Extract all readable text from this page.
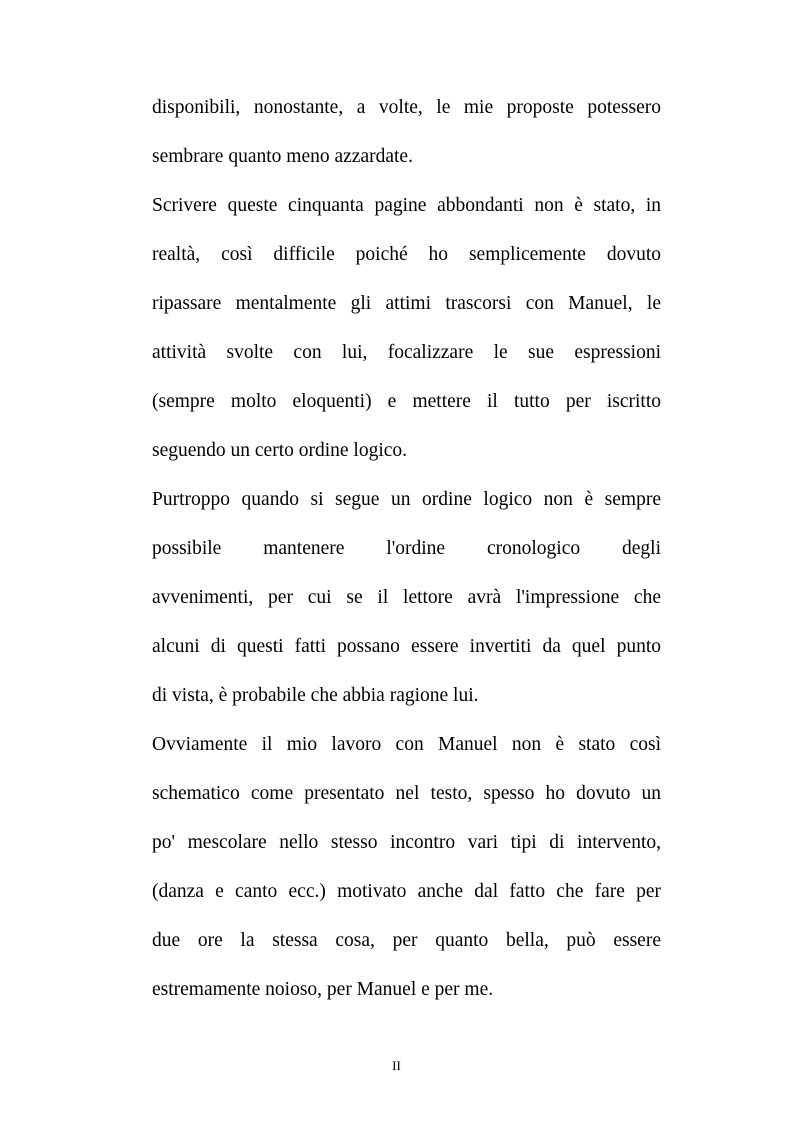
disponibili, nonostante, a volte, le mie proposte potessero
sembrare quanto meno azzardate.
Scrivere queste cinquanta pagine abbondanti non è stato, in
realtà, così difficile poiché ho semplicemente dovuto
ripassare mentalmente gli attimi trascorsi con Manuel, le
attività svolte con lui, focalizzare le sue espressioni
(sempre molto eloquenti) e mettere il tutto per iscritto
seguendo un certo ordine logico.
Purtroppo quando si segue un ordine logico non è sempre
possibile mantenere l'ordine cronologico degli
avvenimenti, per cui se il lettore avrà l'impressione che
alcuni di questi fatti possano essere invertiti da quel punto
di vista, è probabile che abbia ragione lui.
Ovviamente il mio lavoro con Manuel non è stato così
schematico come presentato nel testo, spesso ho dovuto un
po' mescolare nello stesso incontro vari tipi di intervento,
(danza e canto ecc.) motivato anche dal fatto che fare per
due ore la stessa cosa, per quanto bella, può essere
estremamente noioso, per Manuel e per me.
II
